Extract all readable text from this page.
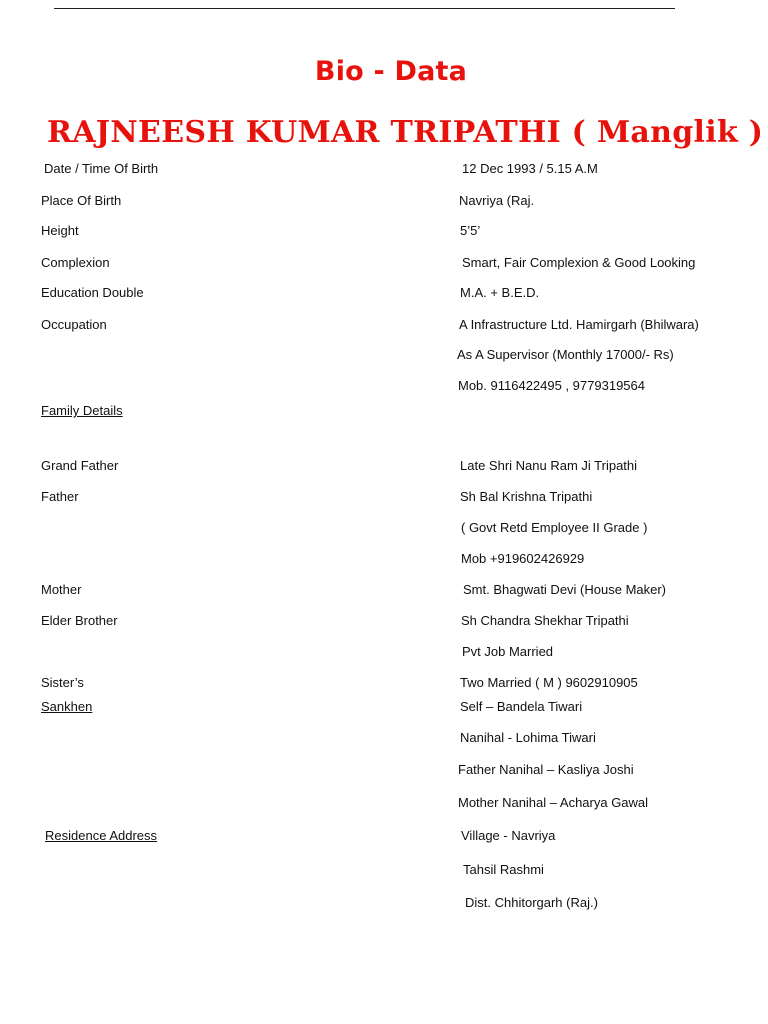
Bio - Data
RAJNEESH KUMAR TRIPATHI ( Manglik )
Date / Time Of Birth	12 Dec 1993 / 5.15 A.M
Place Of Birth	Navriya (Raj.
Height	5’5’
Complexion	Smart, Fair Complexion & Good Looking
Education Double	M.A. + B.E.D.
Occupation	A Infrastructure Ltd. Hamirgarh (Bhilwara)
As A Supervisor (Monthly 17000/- Rs)
Mob. 9116422495 , 9779319564
Family Details
Grand Father	Late Shri Nanu Ram Ji Tripathi
Father	Sh Bal Krishna Tripathi
( Govt Retd Employee II Grade )
Mob +919602426929
Mother	Smt. Bhagwati Devi (House Maker)
Elder Brother	Sh Chandra Shekhar Tripathi
Pvt Job Married
Sister’s	Two Married ( M ) 9602910905
Sankhen	Self – Bandela Tiwari
Nanihal - Lohima Tiwari
Father Nanihal – Kasliya Joshi
Mother Nanihal – Acharya Gawal
Residence Address	Village - Navriya
Tahsil Rashmi
Dist. Chhitorgarh (Raj.)
